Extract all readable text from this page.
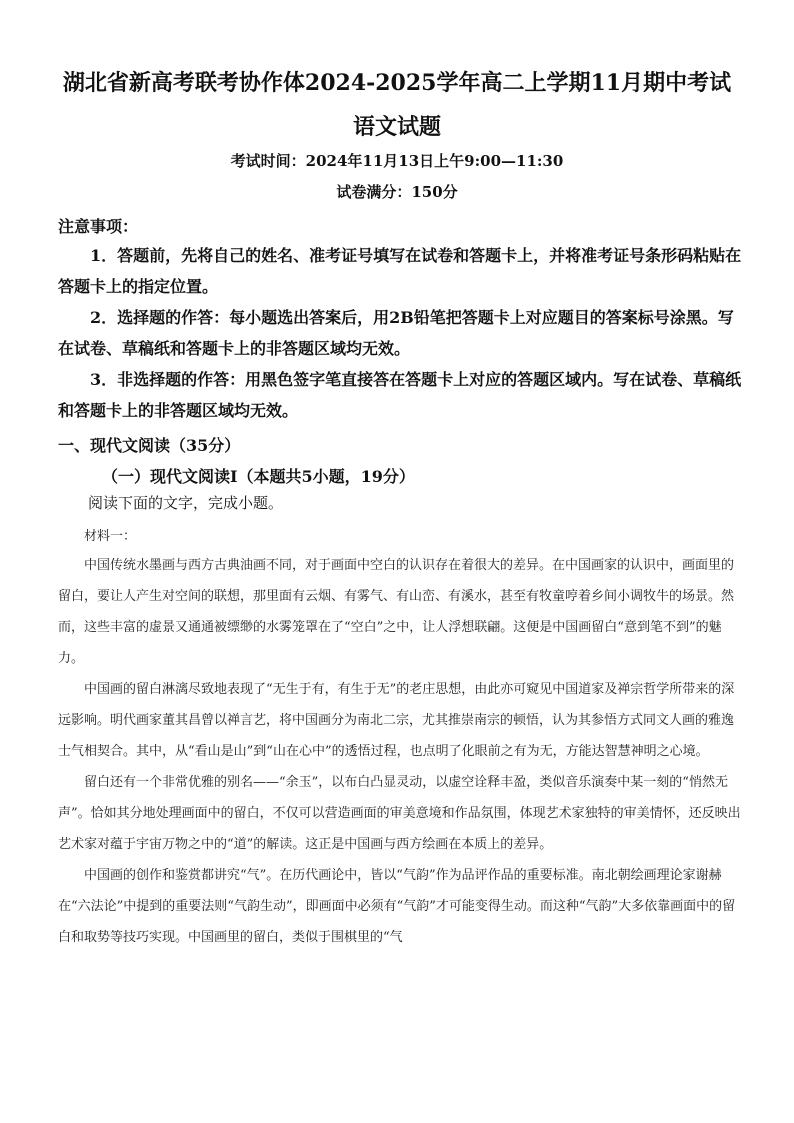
湖北省新高考联考协作体2024-2025学年高二上学期11月期中考试
语文试题
考试时间：2024年11月13日上午9:00—11:30
试卷满分：150分
注意事项：

1．答题前，先将自己的姓名、准考证号填写在试卷和答题卡上，并将准考证号条形码粘贴在答题卡上的指定位置。

2．选择题的作答：每小题选出答案后，用2B铅笔把答题卡上对应题目的答案标号涂黑。写在试卷、草稿纸和答题卡上的非答题区域均无效。

3．非选择题的作答：用黑色签字笔直接答在答题卡上对应的答题区域内。写在试卷、草稿纸和答题卡上的非答题区域均无效。

一、现代文阅读（35分）
（一）现代文阅读Ⅰ（本题共5小题，19分）
阅读下面的文字，完成小题。
材料一：

中国传统水墨画与西方古典油画不同，对于画面中空白的认识存在着很大的差异。在中国画家的认识中，画面里的留白，要让人产生对空间的联想，那里面有云烟、有雾气、有山峦、有溪水，甚至有牧童哼着乡间小调牧牛的场景。然而，这些丰富的虚景又通通被缥缈的水雾笼罩在了“空白”之中，让人浮想联翩。这便是中国画留白“意到笔不到”的魅力。

中国画的留白淋漓尽致地表现了“无生于有，有生于无”的老庄思想，由此亦可窥见中国道家及禅宗哲学所带来的深远影响。明代画家董其昌曾以禅言艺，将中国画分为南北二宗，尤其推崇南宗的顿悟，认为其参悟方式同文人画的雅逸士气相契合。其中，从“看山是山”到“山在心中”的透悟过程，也点明了化眼前之有为无，方能达智慧神明之心境。

留白还有一个非常优雅的别名——“余玉”，以布白凸显灵动，以虚空诠释丰盈，类似音乐演奏中某一刻的“悄然无声”。恰如其分地处理画面中的留白，不仅可以营造画面的审美意境和作品氛围，体现艺术家独特的审美情怀，还反映出艺术家对蕴于宇宙万物之中的“道”的解读。这正是中国画与西方绘画在本质上的差异。

中国画的创作和鉴赏都讲究“气”。在历代画论中，皆以“气韵”作为品评作品的重要标准。南北朝绘画理论家谢赫在“六法论”中提到的重要法则“气韵生动”，即画面中必须有“气韵”才可能变得生动。而这种“气韵”大多依靠画面中的留白和取势等技巧实现。中国画里的留白，类似于围棋里的“气
